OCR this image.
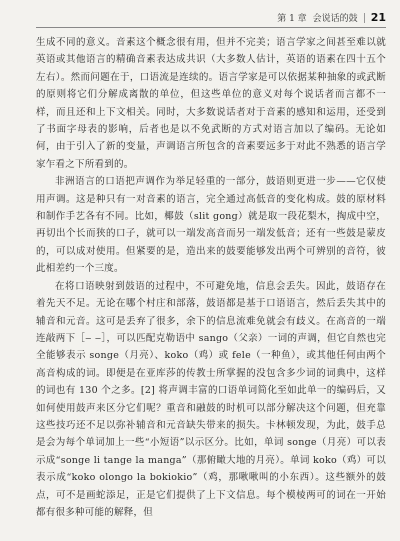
第 1 章 会说话的鼓 21

生成不同的意义。音素这个概念很有用，但并不完美；语言学家之间甚至难以就英语或其他语言的精确音素表达成共识（大多数人估计，英语的语素在四十五个左右）。然而问题在于，口语流是连续的。语言学家是可以依据某种抽象的或武断的原则将它们分解成离散的单位，但这些单位的意义对每个说话者而言都不一样，而且还和上下文相关。同时，大多数说话者对于音素的感知和运用，还受到了书面字母表的影响，后者也是以不免武断的方式对语言加以了编码。无论如何，由于引入了新的变量，声调语言所包含的音素要远多于对此不熟悉的语言学家乍看之下所看到的。

非洲语言的口语把声调作为举足轻重的一部分，鼓语则更进一步——它仅使用声调。这是种只有一对音素的语言，完全通过高低音的变化构成。鼓的原材料和制作手艺各有不同。比如，椰鼓（slit gong）就是取一段花梨木，掏成中空，再切出个长而狭的口子，就可以一端发高音而另一端发低音；还有一些鼓是蒙皮的，可以成对使用。但紧要的是，造出来的鼓要能够发出两个可辨别的音符，彼此相差约一个三度。

在将口语映射到鼓语的过程中，不可避免地，信息会丢失。因此，鼓语存在着先天不足。无论在哪个村庄和部落，鼓语都是基于口语语言，然后丢失其中的辅音和元音。这可是丢弃了很多，余下的信息流难免就会有歧义。在高音的一端连敲两下［‒ ‒］，可以匹配克勒语中 sango（父亲）一词的声调，但它自然也完全能够表示 songe（月亮）、koko（鸡）或 fele（一种鱼），或其他任何由两个高音构成的词。即便是在亚库莎的传教士所掌握的没包含多少词的词典中，这样的词也有 130 个之多。[2] 将声调丰富的口语单词简化至如此单一的编码后，又如何使用鼓声来区分它们呢？重音和融鼓的时机可以部分解决这个问题，但充靠这些技巧还不足以弥补辅音和元音缺失带来的损失。卡林顿发现，为此，鼓手总是会为每个单词加上一些“小短语”以示区分。比如，单词 songe（月亮）可以表示成“songe li tange la manga”（那俯瞰大地的月亮）。单词 koko（鸡）可以表示成“koko olongo la bokiokio”（鸡，那啾啾叫的小东西）。这些额外的鼓点，可不是画蛇添足，正是它们提供了上下文信息。每个模棱两可的词在一开始都有很多种可能的解释，但
